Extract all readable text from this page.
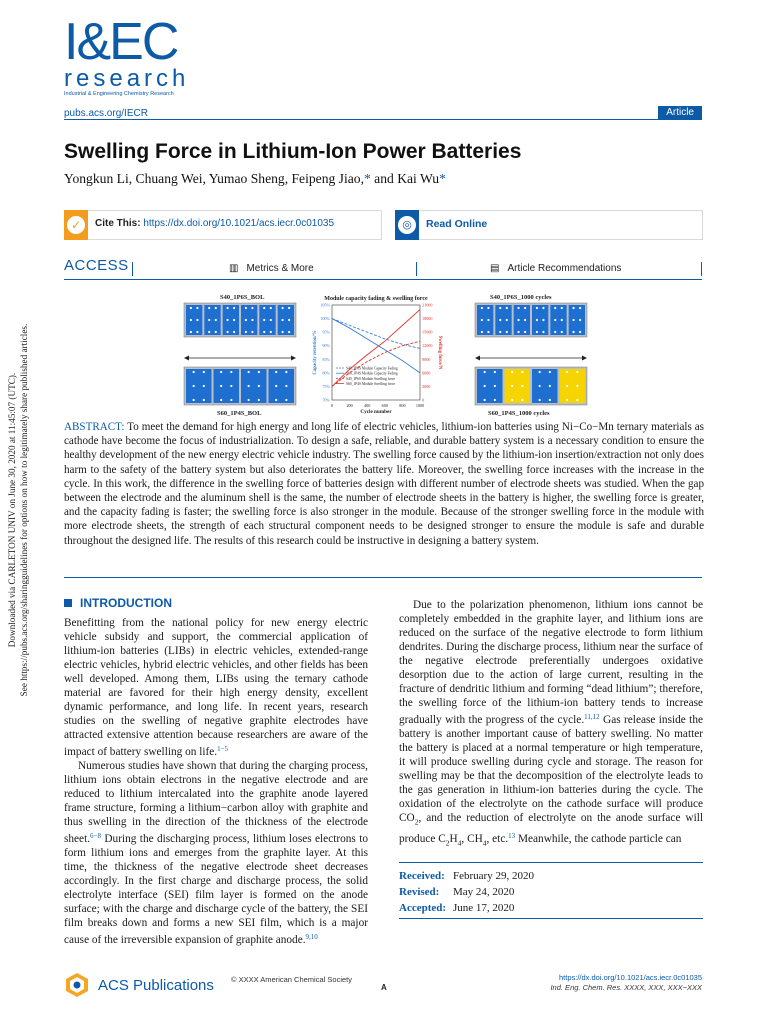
Downloaded via CARLETON UNIV on June 30, 2020 at 11:45:07 (UTC). See https://pubs.acs.org/sharingguidelines for options on how to legitimately share published articles.
I&EC
research
Industrial & Engineering Chemistry Research
pubs.acs.org/IECR	Article
Swelling Force in Lithium-Ion Power Batteries
Yongkun Li, Chuang Wei, Yumao Sheng, Feipeng Jiao,* and Kai Wu*
✓	Cite This: https://dx.doi.org/10.1021/acs.iecr.0c01035	◎	Read Online
ACCESS	▥ Metrics & More	▤ Article Recommendations
S40_1P6S_BOL
S60_1P4S_BOL
Module capacity fading & swelling force
0	200	400	600	800 1000
70%
75%
80%
85%
90%
95%
100%
105%
0
3000
6000
9000
12000
15000
18000
21000
Cycle number
Capacity retention/%	Swelling force/N
S40_1P6S Module Capacity Fading
S60_1P4S Module Capacity Fading
S40_1P6S Module Swelling force
S60_1P4S Module Swelling force
S40_1P6S_1000 cycles
S60_1P4S_1000 cycles
ABSTRACT: To meet the demand for high energy and long life of electric vehicles, lithium-ion batteries using Ni−Co−Mn ternary materials as cathode have become the focus of industrialization. To design a safe, reliable, and durable battery system is a necessary condition to ensure the healthy development of the new energy electric vehicle industry. The swelling force caused by the lithium-ion insertion/extraction not only does harm to the safety of the battery system but also deteriorates the battery life. Moreover, the swelling force increases with the increase in the cycle. In this work, the difference in the swelling force of batteries design with different number of electrode sheets was studied. When the gap between the electrode and the aluminum shell is the same, the number of electrode sheets in the battery is higher, the swelling force is greater, and the capacity fading is faster; the swelling force is also stronger in the module. Because of the stronger swelling force in the module with more electrode sheets, the strength of each structural component needs to be designed stronger to ensure the module is safe and durable throughout the designed life. The results of this research could be instructive in designing a battery system.
INTRODUCTION

Benefitting from the national policy for new energy electric vehicle subsidy and support, the commercial application of lithium-ion batteries (LIBs) in electric vehicles, extended-range electric vehicles, hybrid electric vehicles, and other fields has been well developed. Among them, LIBs using the ternary cathode material are favored for their high energy density, excellent dynamic performance, and long life. In recent years, research studies on the swelling of negative graphite electrodes have attracted extensive attention because researchers are aware of the impact of battery swelling on life.$^{1-5}$

Numerous studies have shown that during the charging process, lithium ions obtain electrons in the negative electrode and are reduced to lithium intercalated into the graphite anode layered frame structure, forming a lithium−carbon alloy with graphite and thus swelling in the direction of the thickness of the electrode sheet.$^{6-8}$ During the discharging process, lithium loses electrons to form lithium ions and emerges from the graphite layer. At this time, the thickness of the negative electrode sheet decreases accordingly. In the first charge and discharge process, the solid electrolyte interface (SEI) film layer is formed on the anode surface; with the charge and discharge cycle of the battery, the SEI film breaks down and forms a new SEI film, which is a major cause of the irreversible expansion of graphite anode.$^{9,10}$

Due to the polarization phenomenon, lithium ions cannot be completely embedded in the graphite layer, and lithium ions are reduced on the surface of the negative electrode to form lithium dendrites. During the discharge process, lithium near the surface of the negative electrode preferentially undergoes oxidative desorption due to the action of large current, resulting in the fracture of dendritic lithium and forming “dead lithium”; therefore, the swelling force of the lithium-ion battery tends to increase gradually with the progress of the cycle.$^{11,12}$ Gas release inside the battery is another important cause of battery swelling. No matter the battery is placed at a normal temperature or high temperature, it will produce swelling during cycle and storage. The reason for swelling may be that the decomposition of the electrolyte leads to the gas generation in lithium-ion batteries during the cycle. The oxidation of the electrolyte on the cathode surface will produce $CO_2$, and the reduction of electrolyte on the anode surface will produce $C_2H_4$, $CH_4$, etc.$^{13}$ Meanwhile, the cathode particle can

Received: February 29, 2020
Revised:	May 24, 2020
Accepted: June 17, 2020
ACS Publications © XXXX American Chemical Society
A
https://dx.doi.org/10.1021/acs.iecr.0c01035
Ind. Eng. Chem. Res. XXXX, XXX, XXX−XXX
